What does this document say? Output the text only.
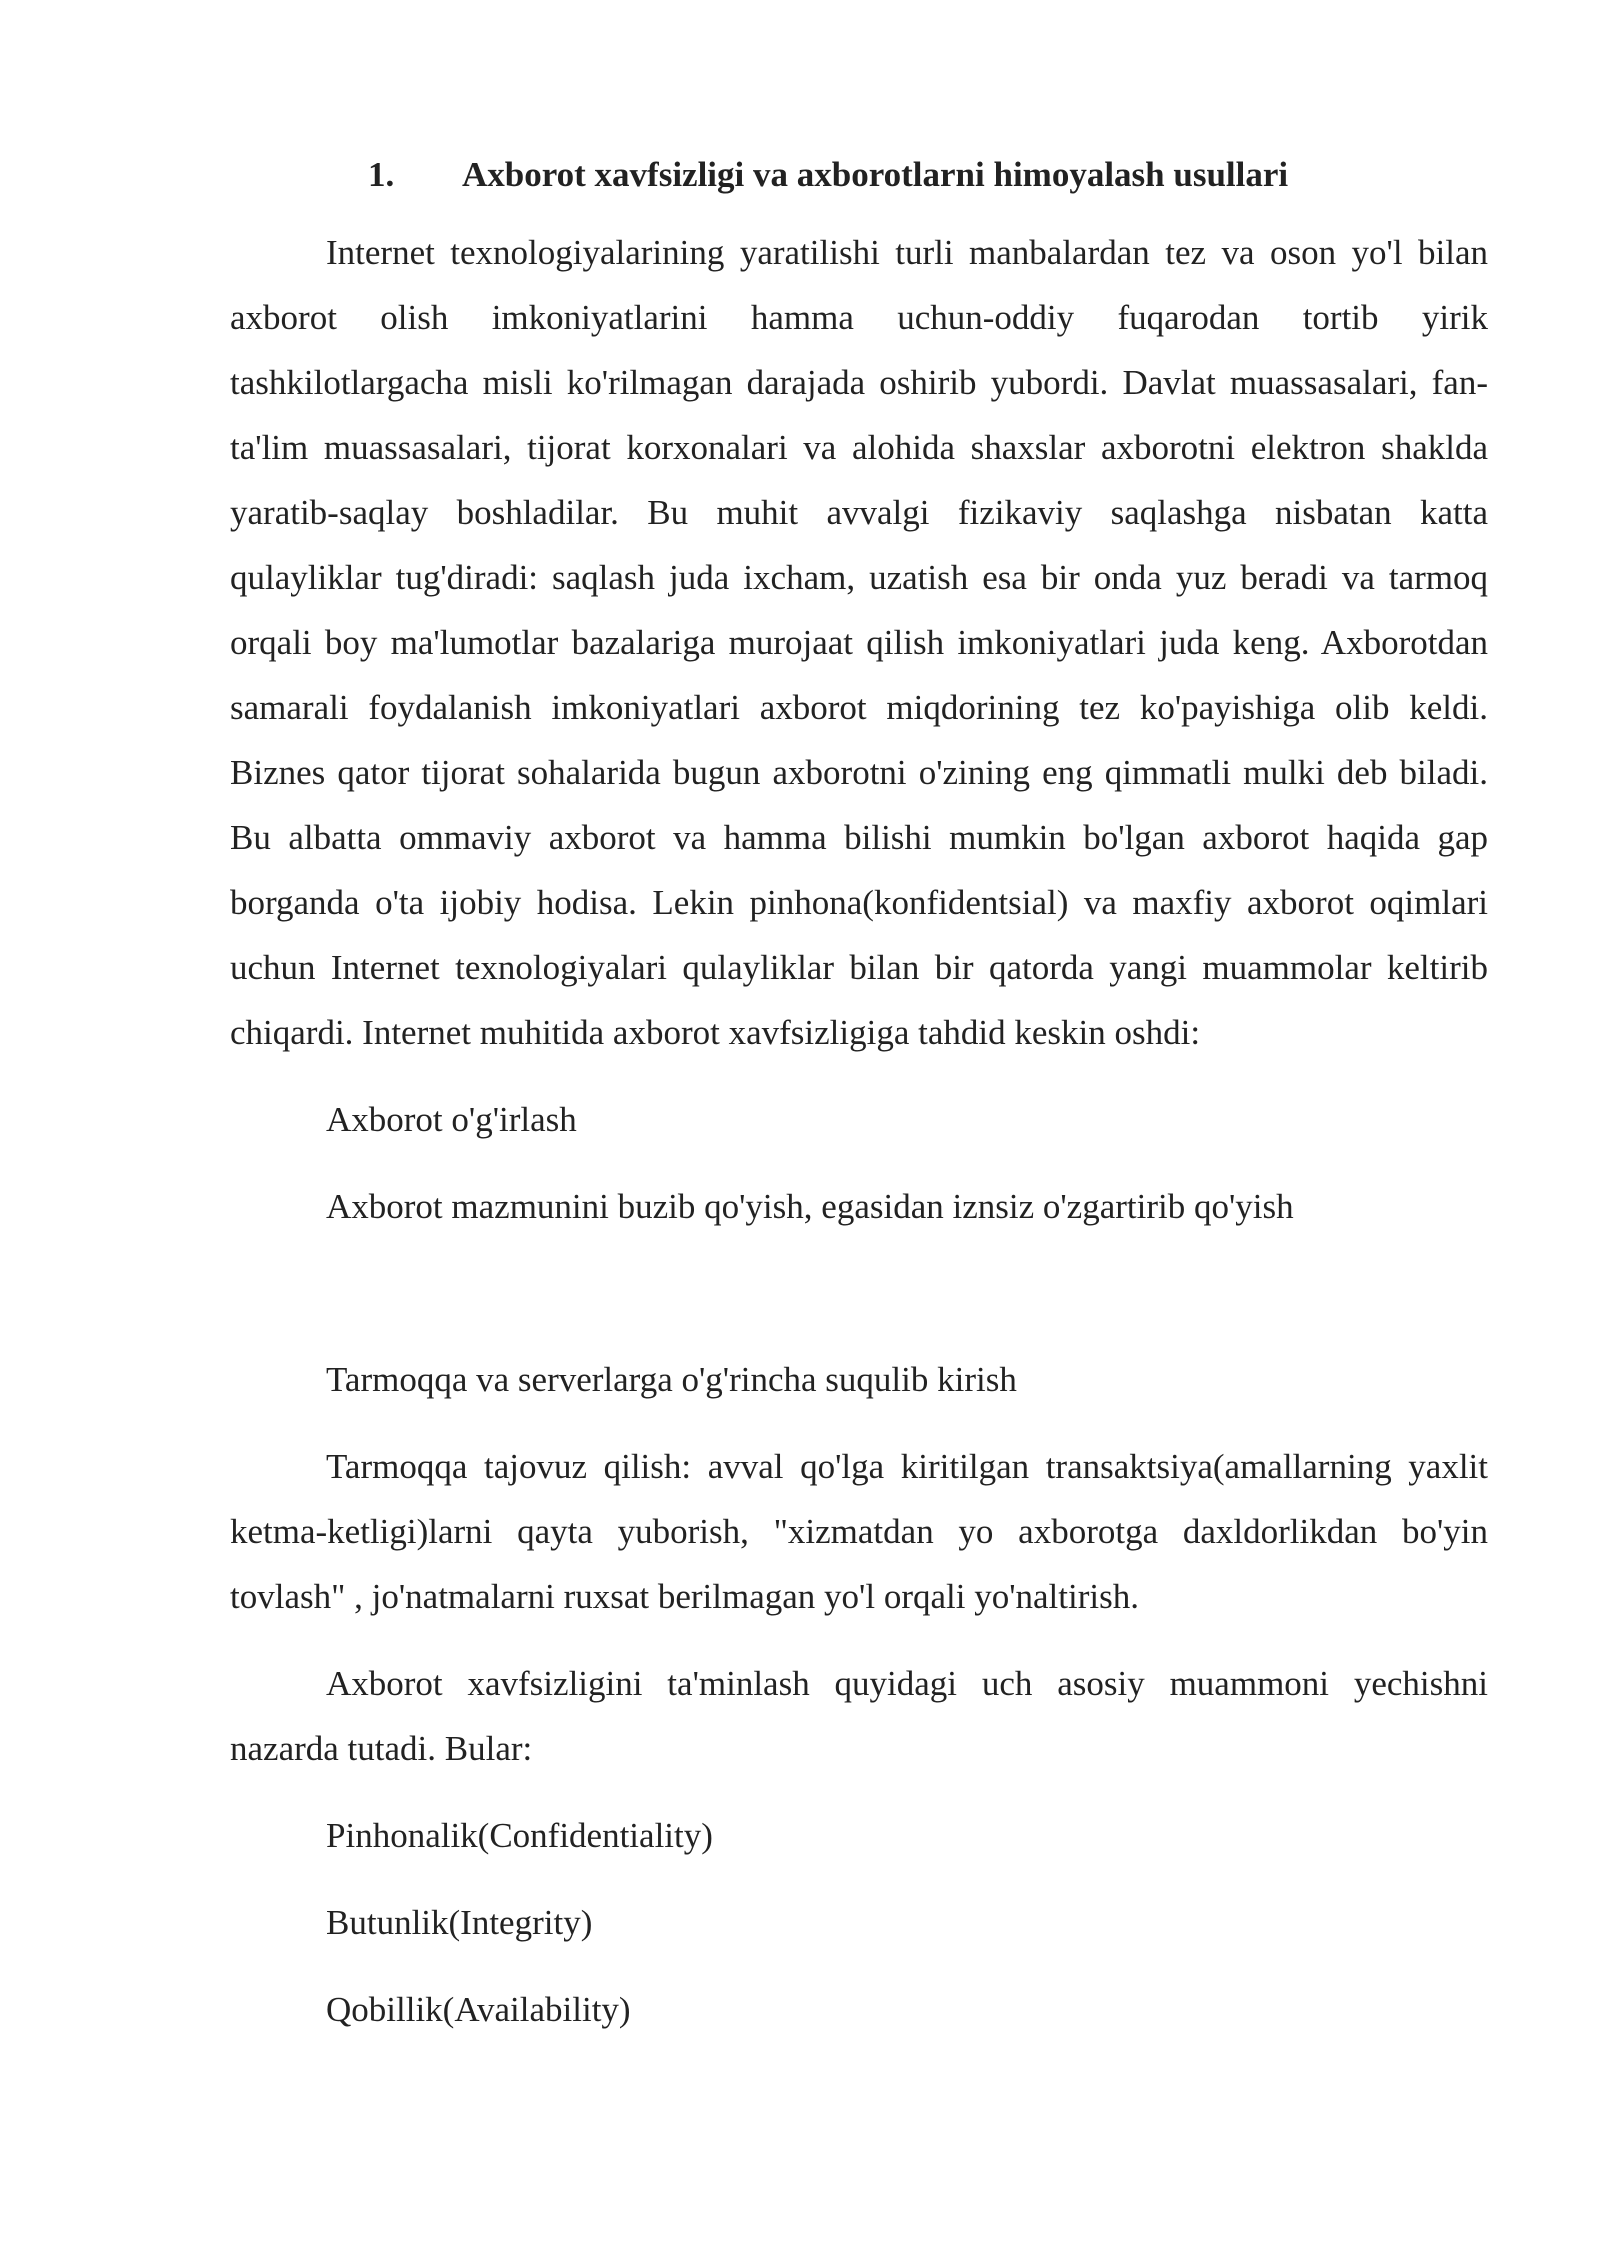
1.	Axborot xavfsizligi va axborotlarni himoyalash usullari

Internet texnologiyalarining yaratilishi turli manbalardan tez va oson yo'l bilan axborot olish imkoniyatlarini hamma uchun-oddiy fuqarodan tortib yirik tashkilotlargacha misli ko'rilmagan darajada oshirib yubordi. Davlat muassasalari, fan-ta'lim muassasalari, tijorat korxonalari va alohida shaxslar axborotni elektron shaklda yaratib-saqlay boshladilar. Bu muhit avvalgi fizikaviy saqlashga nisbatan katta qulayliklar tug'diradi: saqlash juda ixcham, uzatish esa bir onda yuz beradi va tarmoq orqali boy ma'lumotlar bazalariga murojaat qilish imkoniyatlari juda keng. Axborotdan samarali foydalanish imkoniyatlari axborot miqdorining tez ko'payishiga olib keldi. Biznes qator tijorat sohalarida bugun axborotni o'zining eng qimmatli mulki deb biladi. Bu albatta ommaviy axborot va hamma bilishi mumkin bo'lgan axborot haqida gap borganda o'ta ijobiy hodisa. Lekin pinhona(konfidentsial) va maxfiy axborot oqimlari uchun Internet texnologiyalari qulayliklar bilan bir qatorda yangi muammolar keltirib chiqardi. Internet muhitida axborot xavfsizligiga tahdid keskin oshdi:

Axborot o'g'irlash

Axborot mazmunini buzib qo'yish, egasidan iznsiz o'zgartirib qo'yish

Tarmoqqa va serverlarga o'g'rincha suqulib kirish

Tarmoqqa tajovuz qilish: avval qo'lga kiritilgan transaktsiya(amallarning yaxlit ketma-ketligi)larni qayta yuborish, "xizmatdan yo axborotga daxldorlikdan bo'yin tovlash" , jo'natmalarni ruxsat berilmagan yo'l orqali yo'naltirish.

Axborot xavfsizligini ta'minlash quyidagi uch asosiy muammoni yechishni nazarda tutadi. Bular:

Pinhonalik(Confidentiality)

Butunlik(Integrity)

Qobillik(Availability)
